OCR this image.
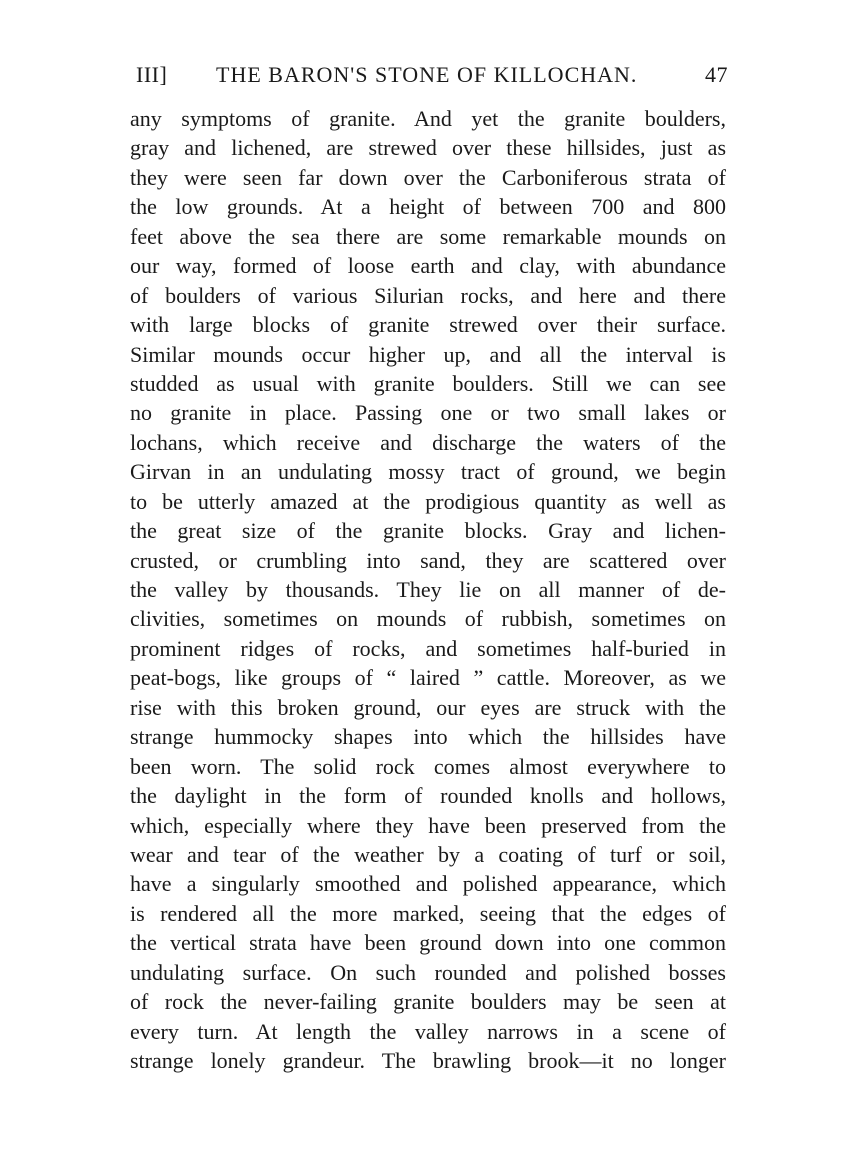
III] THE BARON'S STONE OF KILLOCHAN.	47
any symptoms of granite. And yet the granite boulders,
gray and lichened, are strewed over these hillsides, just as
they were seen far down over the Carboniferous strata of
the low grounds. At a height of between 700 and 800
feet above the sea there are some remarkable mounds on
our way, formed of loose earth and clay, with abundance
of boulders of various Silurian rocks, and here and there
with large blocks of granite strewed over their surface.
Similar mounds occur higher up, and all the interval is
studded as usual with granite boulders. Still we can see
no granite in place. Passing one or two small lakes or
lochans, which receive and discharge the waters of the
Girvan in an undulating mossy tract of ground, we begin
to be utterly amazed at the prodigious quantity as well as
the great size of the granite blocks. Gray and lichen-
crusted, or crumbling into sand, they are scattered over
the valley by thousands. They lie on all manner of de-
clivities, sometimes on mounds of rubbish, sometimes on
prominent ridges of rocks, and sometimes half-buried in
peat-bogs, like groups of “ laired ” cattle. Moreover, as we
rise with this broken ground, our eyes are struck with the
strange hummocky shapes into which the hillsides have
been worn. The solid rock comes almost everywhere to
the daylight in the form of rounded knolls and hollows,
which, especially where they have been preserved from the
wear and tear of the weather by a coating of turf or soil,
have a singularly smoothed and polished appearance, which
is rendered all the more marked, seeing that the edges of
the vertical strata have been ground down into one common
undulating surface. On such rounded and polished bosses
of rock the never-failing granite boulders may be seen at
every turn. At length the valley narrows in a scene of
strange lonely grandeur. The brawling brook—it no longer
